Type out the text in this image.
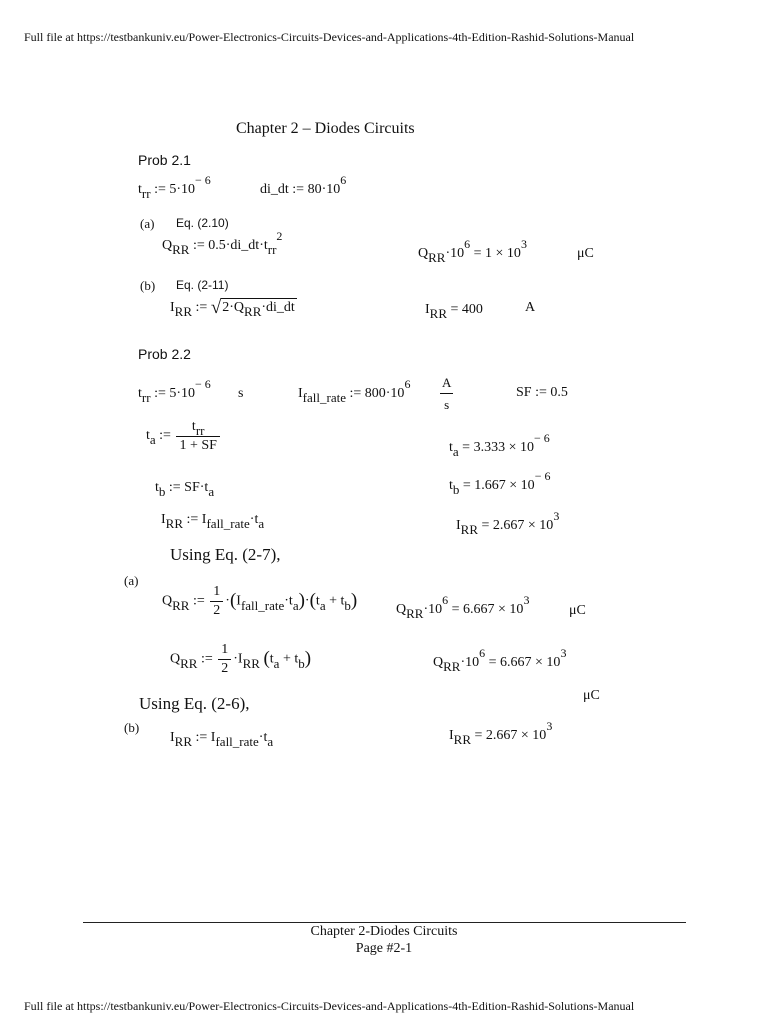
Full file at https://testbankuniv.eu/Power-Electronics-Circuits-Devices-and-Applications-4th-Edition-Rashid-Solutions-Manual
Chapter 2 – Diodes Circuits
Prob 2.1
trr := 5·10− 6
di_dt := 80·106
(a) Eq. (2.10)
QRR := 0.5·di_dt·trr2
QRR·106 = 1 × 103
μC
(b) Eq. (2-11)
IRR := √2·QRR·di_dt	IRR = 400	A
Prob 2.2
trr := 5·10− 6
s	Ifall_rate := $800\cdot 106 \frac{A}{s}$	SF := 0.5
ta := $\frac{\text{trr}}{1 + SF}$	ta = 3.333 × 10− 6
tb := SF·ta	tb = 1.667 × 10− 6
IRR := Ifall_rate·ta	IRR = 2.667 × 103
Using Eq. (2-7),
(a)
QRR := $\frac{1}{2}$ ·(Ifall_rate·ta)·(ta + tb)	QRR·106 = 6.667 × 103
μC
QRR := $\frac{1}{2} \cdot IRR$ (ta + tb)	QRR·106 = 6.667 × 103
Using Eq. (2-6),	μC
(b)
IRR := Ifall_rate·ta	IRR = 2.667 × 103
Chapter 2-Diodes Circuits
Page #2-1
Full file at https://testbankuniv.eu/Power-Electronics-Circuits-Devices-and-Applications-4th-Edition-Rashid-Solutions-Manual
